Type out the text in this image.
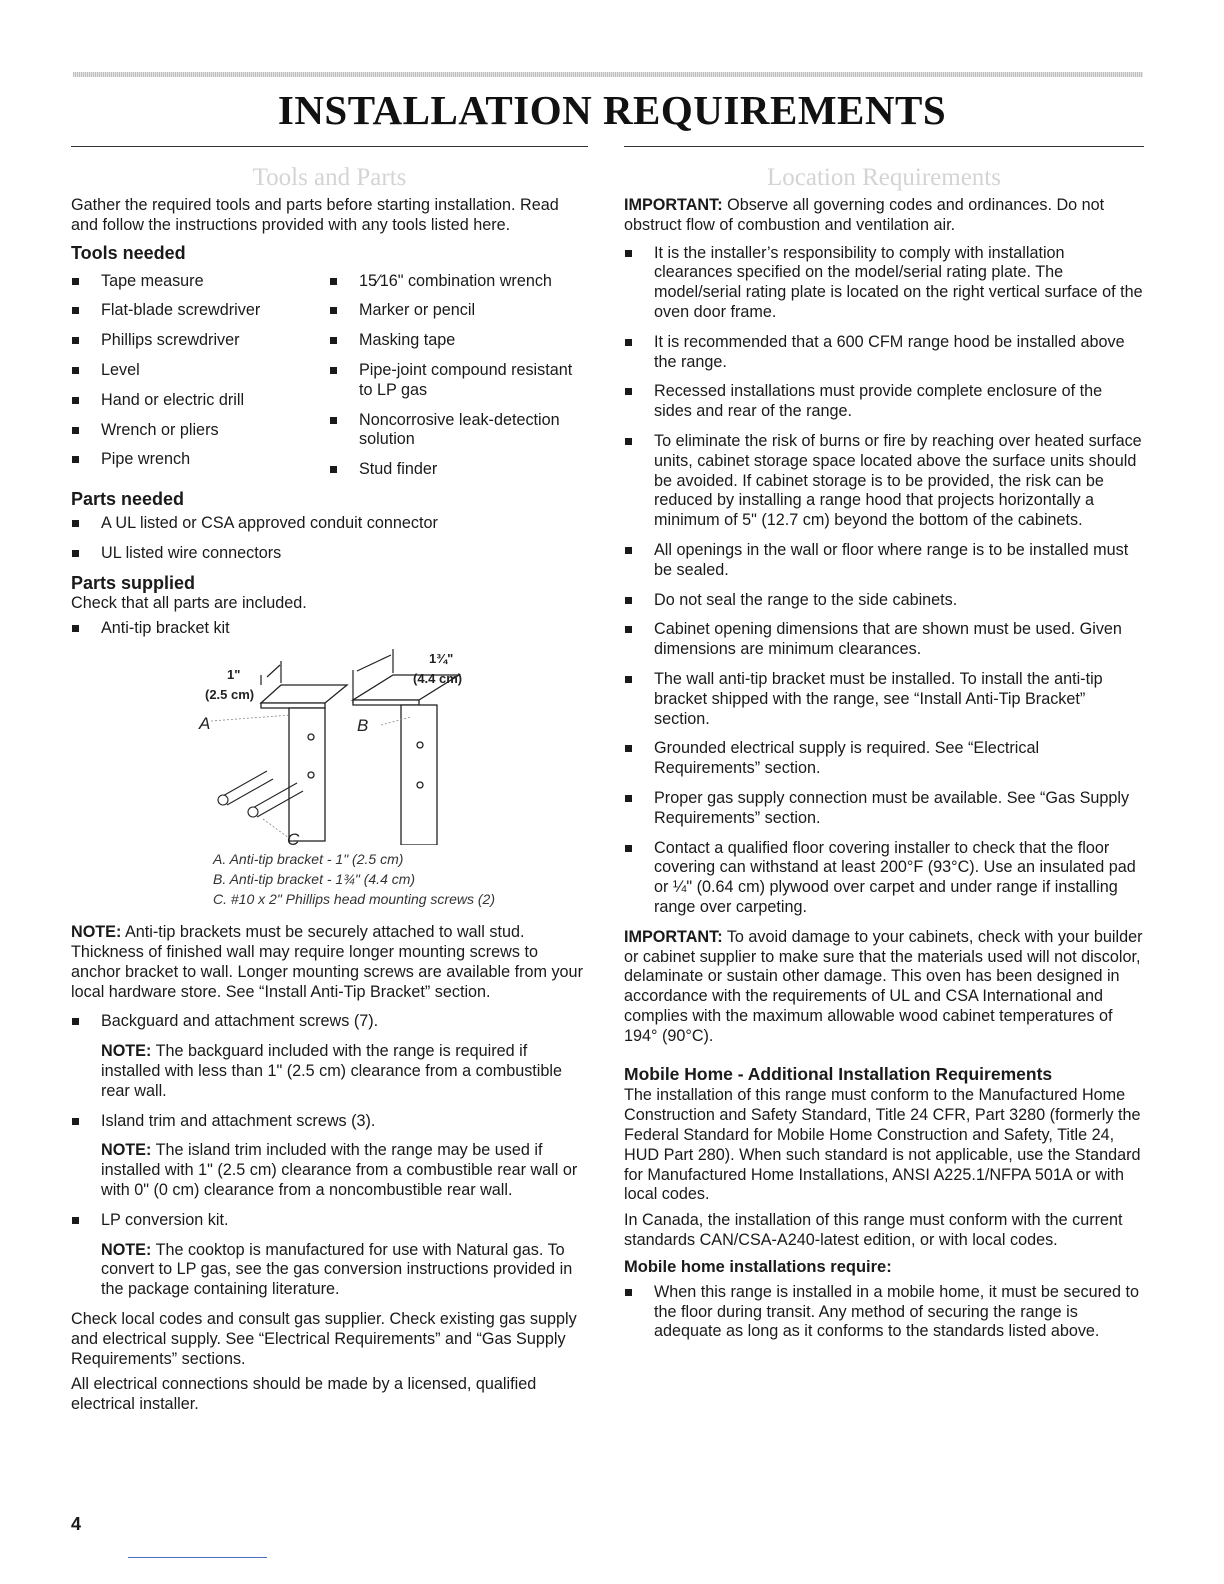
INSTALLATION REQUIREMENTS
Tools and Parts

Gather the required tools and parts before starting installation. Read and follow the instructions provided with any tools listed here.

Tools needed
Tape measure
Flat-blade screwdriver
Phillips screwdriver
Level
Hand or electric drill
Wrench or pliers
Pipe wrench
15⁄16" combination wrench
Marker or pencil
Masking tape
Pipe-joint compound resistant to LP gas
Noncorrosive leak-detection solution
Stud finder
Parts needed
A UL listed or CSA approved conduit connector
UL listed wire connectors
Parts supplied

Check that all parts are included.

Anti-tip bracket kit
A	B
C
1"
(2.5 cm)
1¾"
(4.4 cm)
A. Anti-tip bracket - 1" (2.5 cm)
B. Anti-tip bracket - 1¾" (4.4 cm)
C. #10 x 2" Phillips head mounting screws (2)

NOTE: Anti-tip brackets must be securely attached to wall stud. Thickness of finished wall may require longer mounting screws to anchor bracket to wall. Longer mounting screws are available from your local hardware store. See “Install Anti-Tip Bracket” section.

Backguard and attachment screws (7).

NOTE: The backguard included with the range is required if installed with less than 1" (2.5 cm) clearance from a combustible rear wall.

Island trim and attachment screws (3).

NOTE: The island trim included with the range may be used if installed with 1" (2.5 cm) clearance from a combustible rear wall or with 0" (0 cm) clearance from a noncombustible rear wall.

LP conversion kit.

NOTE: The cooktop is manufactured for use with Natural gas. To convert to LP gas, see the gas conversion instructions provided in the package containing literature.

Check local codes and consult gas supplier. Check existing gas supply and electrical supply. See “Electrical Requirements” and “Gas Supply Requirements” sections.

All electrical connections should be made by a licensed, qualified electrical installer.

Location Requirements

IMPORTANT: Observe all governing codes and ordinances. Do not obstruct flow of combustion and ventilation air.

It is the installer’s responsibility to comply with installation clearances specified on the model/serial rating plate. The model/serial rating plate is located on the right vertical surface of the oven door frame.
It is recommended that a 600 CFM range hood be installed above the range.
Recessed installations must provide complete enclosure of the sides and rear of the range.
To eliminate the risk of burns or fire by reaching over heated surface units, cabinet storage space located above the surface units should be avoided. If cabinet storage is to be provided, the risk can be reduced by installing a range hood that projects horizontally a minimum of 5" (12.7 cm) beyond the bottom of the cabinets.
All openings in the wall or floor where range is to be installed must be sealed.
Do not seal the range to the side cabinets.
Cabinet opening dimensions that are shown must be used. Given dimensions are minimum clearances.
The wall anti-tip bracket must be installed. To install the anti-tip bracket shipped with the range, see “Install Anti-Tip Bracket” section.
Grounded electrical supply is required. See “Electrical Requirements” section.
Proper gas supply connection must be available. See “Gas Supply Requirements” section.
Contact a qualified floor covering installer to check that the floor covering can withstand at least 200°F (93°C). Use an insulated pad or ¼" (0.64 cm) plywood over carpet and under range if installing range over carpeting.

IMPORTANT: To avoid damage to your cabinets, check with your builder or cabinet supplier to make sure that the materials used will not discolor, delaminate or sustain other damage. This oven has been designed in accordance with the requirements of UL and CSA International and complies with the maximum allowable wood cabinet temperatures of 194° (90°C).

Mobile Home - Additional Installation Requirements

The installation of this range must conform to the Manufactured Home Construction and Safety Standard, Title 24 CFR, Part 3280 (formerly the Federal Standard for Mobile Home Construction and Safety, Title 24, HUD Part 280). When such standard is not applicable, use the Standard for Manufactured Home Installations, ANSI A225.1/NFPA 501A or with local codes.

In Canada, the installation of this range must conform with the current standards CAN/CSA-A240-latest edition, or with local codes.

Mobile home installations require:
When this range is installed in a mobile home, it must be secured to the floor during transit. Any method of securing the range is adequate as long as it conforms to the standards listed above.
4
